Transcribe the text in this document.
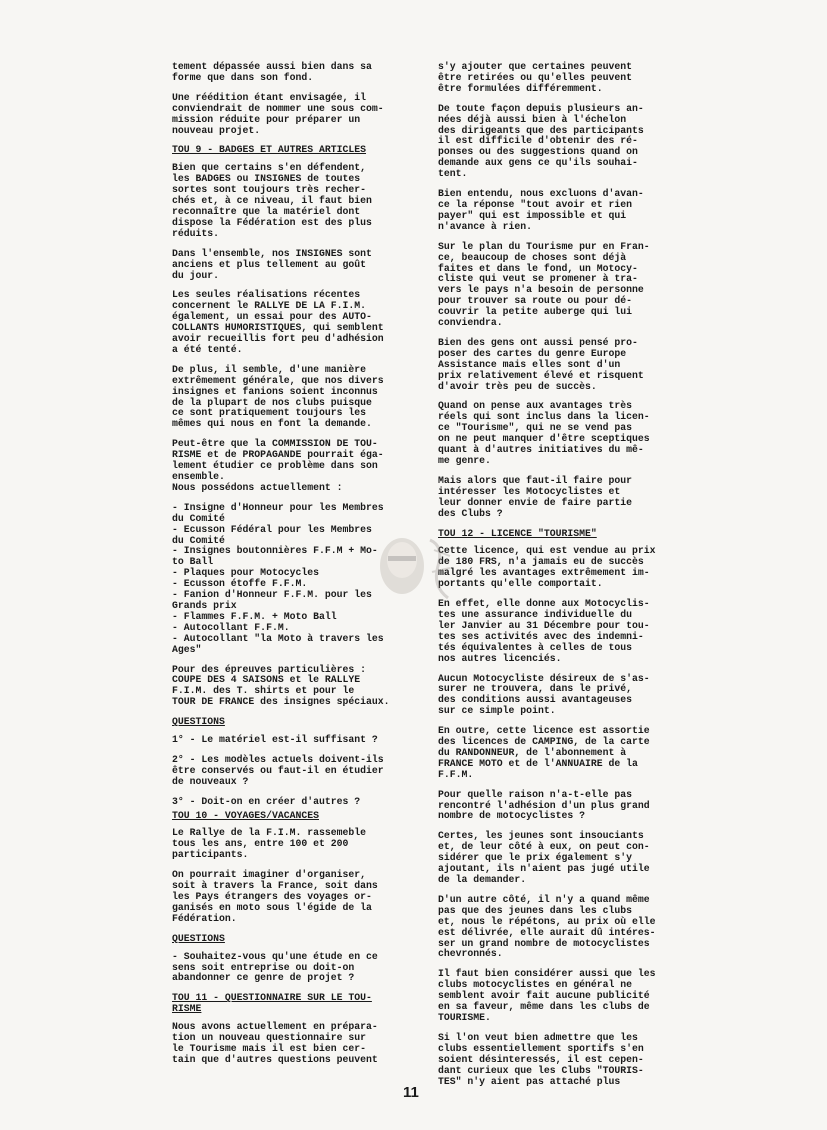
tement dépassée aussi bien dans sa
forme que dans son fond.

Une réédition étant envisagée, il
conviendrait de nommer une sous com-
mission réduite pour préparer un
nouveau projet.

TOU 9 - BADGES ET AUTRES ARTICLES

Bien que certains s'en défendent,
les BADGES ou INSIGNES de toutes
sortes sont toujours très recher-
chés et, à ce niveau, il faut bien
reconnaître que la matériel dont
dispose la Fédération est des plus
réduits.

Dans l'ensemble, nos INSIGNES sont
anciens et plus tellement au goût
du jour.

Les seules réalisations récentes
concernent le RALLYE DE LA F.I.M.
également, un essai pour des AUTO-
COLLANTS HUMORISTIQUES, qui semblent
avoir recueillis fort peu d'adhésion
a été tenté.

De plus, il semble, d'une manière
extrêmement générale, que nos divers
insignes et fanions soient inconnus
de la plupart de nos clubs puisque
ce sont pratiquement toujours les
mêmes qui nous en font la demande.

Peut-être que la COMMISSION DE TOU-
RISME et de PROPAGANDE pourrait éga-
lement étudier ce problème dans son
ensemble.
Nous possédons actuellement :

- Insigne d'Honneur pour les Membres
du Comité
- Ecusson Fédéral pour les Membres
du Comité
- Insignes boutonnières F.F.M + Mo-
to Ball
- Plaques pour Motocycles
- Ecusson étoffe F.F.M.
- Fanion d'Honneur F.F.M. pour les
Grands prix
- Flammes F.F.M. + Moto Ball
- Autocollant F.F.M.
- Autocollant "la Moto à travers les
Ages"

Pour des épreuves particulières :
COUPE DES 4 SAISONS et le RALLYE
F.I.M. des T. shirts et pour le
TOUR DE FRANCE des insignes spéciaux.

QUESTIONS

1° - Le matériel est-il suffisant ?

2° - Les modèles actuels doivent-ils
être conservés ou faut-il en étudier
de nouveaux ?

3° - Doit-on en créer d'autres ?

TOU 10 - VOYAGES/VACANCES

Le Rallye de la F.I.M. rassemeble
tous les ans, entre 100 et 200
participants.

On pourrait imaginer d'organiser,
soit à travers la France, soit dans
les Pays étrangers des voyages or-
ganisés en moto sous l'égide de la
Fédération.

QUESTIONS

- Souhaitez-vous qu'une étude en ce
sens soit entreprise ou doit-on
abandonner ce genre de projet ?

TOU 11 - QUESTIONNAIRE SUR LE TOU-
RISME

Nous avons actuellement en prépara-
tion un nouveau questionnaire sur
le Tourisme mais il est bien cer-
tain que d'autres questions peuvent

s'y ajouter que certaines peuvent
être retirées ou qu'elles peuvent
être formulées différemment.

De toute façon depuis plusieurs an-
nées déjà aussi bien à l'échelon
des dirigeants que des participants
il est difficile d'obtenir des ré-
ponses ou des suggestions quand on
demande aux gens ce qu'ils souhai-
tent.

Bien entendu, nous excluons d'avan-
ce la réponse "tout avoir et rien
payer" qui est impossible et qui
n'avance à rien.

Sur le plan du Tourisme pur en Fran-
ce, beaucoup de choses sont déjà
faites et dans le fond, un Motocy-
cliste qui veut se promener à tra-
vers le pays n'a besoin de personne
pour trouver sa route ou pour dé-
couvrir la petite auberge qui lui
conviendra.

Bien des gens ont aussi pensé pro-
poser des cartes du genre Europe
Assistance mais elles sont d'un
prix relativement élevé et risquent
d'avoir très peu de succès.

Quand on pense aux avantages très
réels qui sont inclus dans la licen-
ce "Tourisme", qui ne se vend pas
on ne peut manquer d'être sceptiques
quant à d'autres initiatives du mê-
me genre.

Mais alors que faut-il faire pour
intéresser les Motocyclistes et
leur donner envie de faire partie
des Clubs ?

TOU 12 - LICENCE "TOURISME"

Cette licence, qui est vendue au prix
de 180 FRS, n'a jamais eu de succès
malgré les avantages extrêmement im-
portants qu'elle comportait.

En effet, elle donne aux Motocyclis-
tes une assurance individuelle du
ler Janvier au 31 Décembre pour tou-
tes ses activités avec des indemni-
tés équivalentes à celles de tous
nos autres licenciés.

Aucun Motocycliste désireux de s'as-
surer ne trouvera, dans le privé,
des conditions aussi avantageuses
sur ce simple point.

En outre, cette licence est assortie
des licences de CAMPING, de la carte
du RANDONNEUR, de l'abonnement à
FRANCE MOTO et de l'ANNUAIRE de la
F.F.M.

Pour quelle raison n'a-t-elle pas
rencontré l'adhésion d'un plus grand
nombre de motocyclistes ?

Certes, les jeunes sont insouciants
et, de leur côté à eux, on peut con-
sidérer que le prix également s'y
ajoutant, ils n'aient pas jugé utile
de la demander.

D'un autre côté, il n'y a quand même
pas que des jeunes dans les clubs
et, nous le répétons, au prix où elle
est délivrée, elle aurait dû intéres-
ser un grand nombre de motocyclistes
chevronnés.

Il faut bien considérer aussi que les
clubs motocyclistes en général ne
semblent avoir fait aucune publicité
en sa faveur, même dans les clubs de
TOURISME.

Si l'on veut bien admettre que les
clubs essentiellement sportifs s'en
soient désinteressés, il est cepen-
dant curieux que les Clubs "TOURIS-
TES" n'y aient pas attaché plus

11
